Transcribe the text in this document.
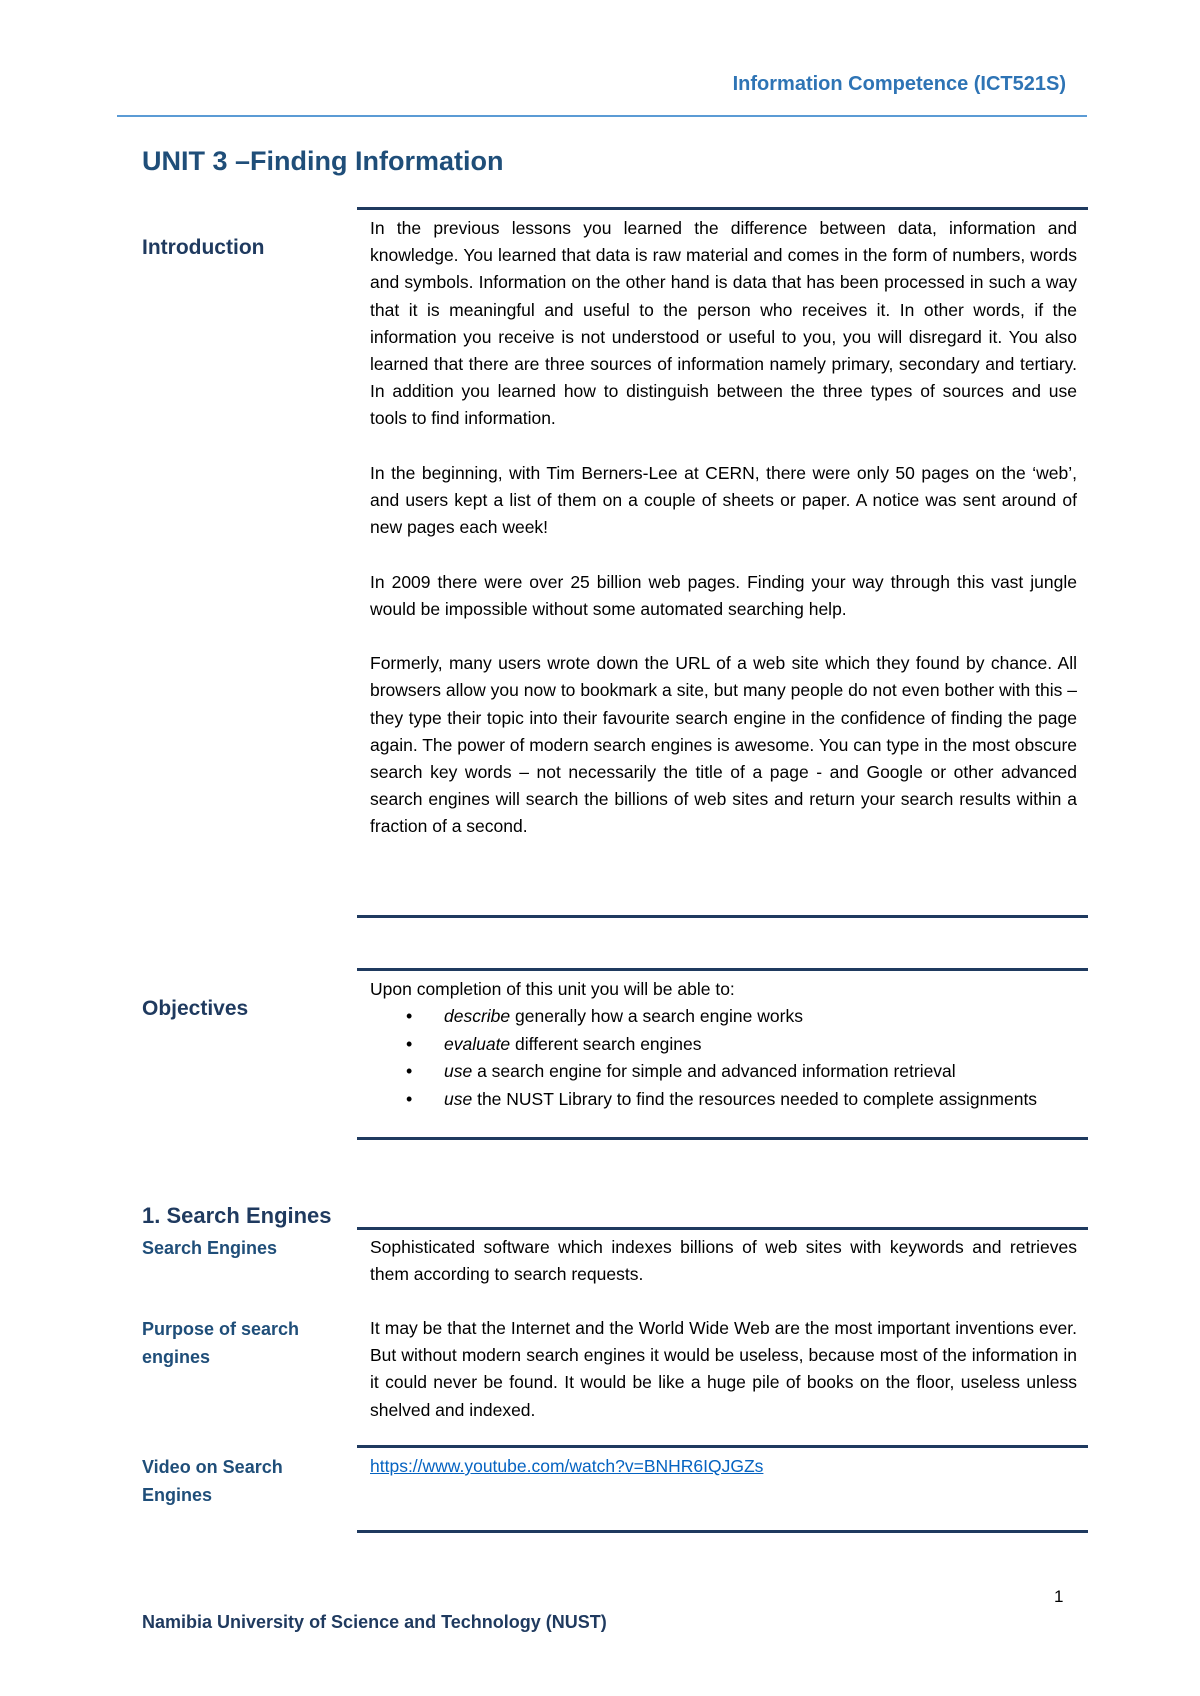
Information Competence (ICT521S)
UNIT 3 –Finding Information
Introduction

In the previous lessons you learned the difference between data, information and knowledge. You learned that data is raw material and comes in the form of numbers, words and symbols. Information on the other hand is data that has been processed in such a way that it is meaningful and useful to the person who receives it. In other words, if the information you receive is not understood or useful to you, you will disregard it. You also learned that there are three sources of information namely primary, secondary and tertiary. In addition you learned how to distinguish between the three types of sources and use tools to find information.

In the beginning, with Tim Berners-Lee at CERN, there were only 50 pages on the ‘web’, and users kept a list of them on a couple of sheets or paper. A notice was sent around of new pages each week!

In 2009 there were over 25 billion web pages. Finding your way through this vast jungle would be impossible without some automated searching help.

Formerly, many users wrote down the URL of a web site which they found by chance. All browsers allow you now to bookmark a site, but many people do not even bother with this – they type their topic into their favourite search engine in the confidence of finding the page again. The power of modern search engines is awesome. You can type in the most obscure search key words – not necessarily the title of a page - and Google or other advanced search engines will search the billions of web sites and return your search results within a fraction of a second.

Objectives
Upon completion of this unit you will be able to:
• describe generally how a search engine works
• evaluate different search engines
• use a search engine for simple and advanced information retrieval
• use the NUST Library to find the resources needed to complete assignments
1. Search Engines
Search Engines	Sophisticated software which indexes billions of web sites with keywords and retrieves them according to search requests.
Purpose of search engines
It may be that the Internet and the World Wide Web are the most important inventions ever. But without modern search engines it would be useless, because most of the information in it could never be found. It would be like a huge pile of books on the floor, useless unless shelved and indexed.
Video on Search Engines
https://www.youtube.com/watch?v=BNHR6IQJGZs
1
Namibia University of Science and Technology (NUST)
